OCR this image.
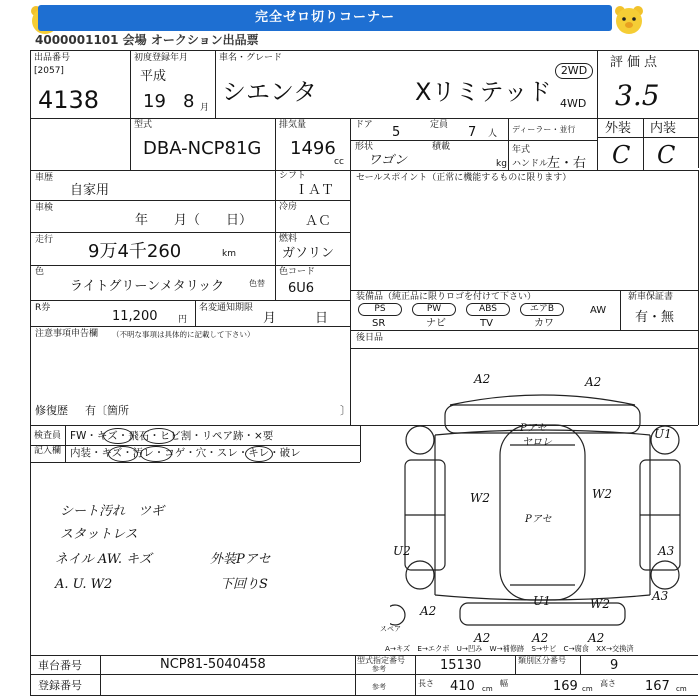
完全ゼロ切りコーナー
4000001101 会場 オークション出品票
出品番号
[2057]
4138
初度登録年月
平成
19 8 月
車名・グレード
シエンタ	Xリミテッド
2WD
4WD
評価点
3.5
型式
DBA-NCP81G
排気量
1496
cc
ドア 5	定員 7 人 ディーラー・並行
形状
ワゴン
積載
kg
年式
ハンドル
左・右
外装 内装
C C
車歴
自家用
車検
年　　月（　　日）
走行
9万4千260	km
色
ライトグリーンメタリック	色替
R券
11,200 円
名変通知期限
月　　　日
注意事項申告欄 （不明な事項は具体的に記載して下さい）
修復歴 有〔箇所	〕
シフト
ＩＡＴ
冷房
ＡＣ
燃料
ガソリン
色コード
6U6
セールスポイント（正常に機能するものに限ります）
装備品（純正品に限りロゴを付けて下さい）	新車保証書
有・無
PS	PW	ABS	エアB	AW
SR	ナビ	TV	カワ
後日品
検査員
記入欄
FW・キズ・飛石・ヒビ割・リペア跡・×要
内装・キズ・汚レ・コゲ・穴・スレ・キレ・破レ
シート汚れ　ツギ
スタットレス
ネイル AW. キズ
A. U. W2
外装Pアセ
下回りS
A2	A2
U1
W2	W2
Pアセ
ヤロレ
Pアセ
U2	A3
A2
A2	A2	A2
U1	W2
A3
スペア
A→キズ　E→エクボ　U→凹み　W→補修跡　S→サビ　C→腐食　XX→交換済
車台番号	NCP81-5040458
登録番号
型式指定番号
参考	15130	類別区分番号	9
参考	長さ 410 cm
幅	169 cm
高さ 167 cm
